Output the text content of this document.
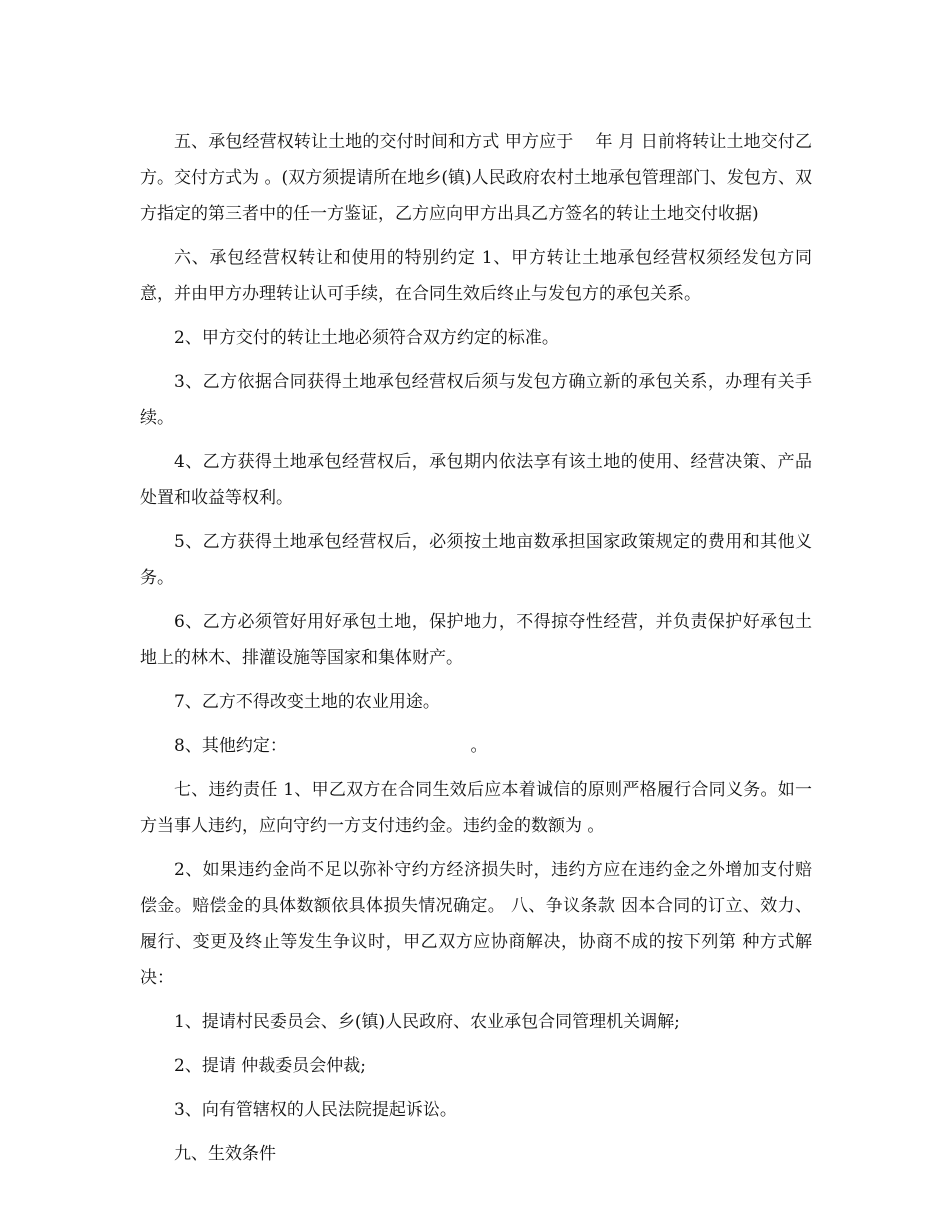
五、承包经营权转让土地的交付时间和方式 甲方应于    年 月 日前将转让土地交付乙方。交付方式为 。(双方须提请所在地乡(镇)人民政府农村土地承包管理部门、发包方、双方指定的第三者中的任一方鉴证，乙方应向甲方出具乙方签名的转让土地交付收据)

六、承包经营权转让和使用的特别约定 1、甲方转让土地承包经营权须经发包方同意，并由甲方办理转让认可手续，在合同生效后终止与发包方的承包关系。

2、甲方交付的转让土地必须符合双方约定的标准。

3、乙方依据合同获得土地承包经营权后须与发包方确立新的承包关系，办理有关手续。

4、乙方获得土地承包经营权后，承包期内依法享有该土地的使用、经营决策、产品处置和收益等权利。

5、乙方获得土地承包经营权后，必须按土地亩数承担国家政策规定的费用和其他义务。

6、乙方必须管好用好承包土地，保护地力，不得掠夺性经营，并负责保护好承包土地上的林木、排灌设施等国家和集体财产。

7、乙方不得改变土地的农业用途。

8、其他约定：                                  。

七、违约责任 1、甲乙双方在合同生效后应本着诚信的原则严格履行合同义务。如一方当事人违约，应向守约一方支付违约金。违约金的数额为 。

2、如果违约金尚不足以弥补守约方经济损失时，违约方应在违约金之外增加支付赔偿金。赔偿金的具体数额依具体损失情况确定。 八、争议条款 因本合同的订立、效力、履行、变更及终止等发生争议时，甲乙双方应协商解决，协商不成的按下列第 种方式解决：

1、提请村民委员会、乡(镇)人民政府、农业承包合同管理机关调解;

2、提请 仲裁委员会仲裁;

3、向有管辖权的人民法院提起诉讼。

九、生效条件
